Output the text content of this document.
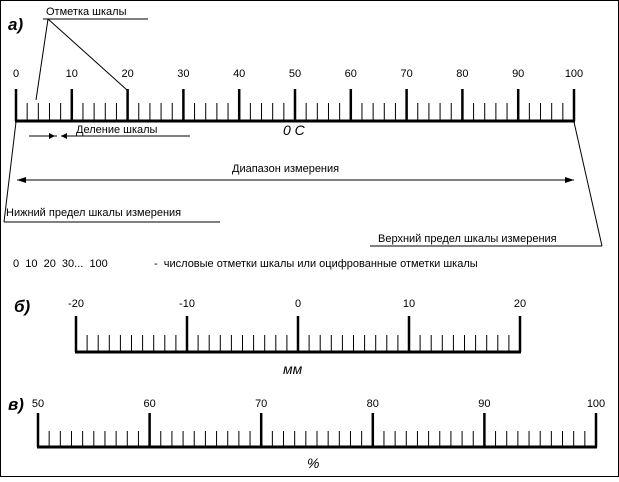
а)
Отметка шкалы
0	10	20	30	40	50	60	70	80	90	100
0 С
Деление шкалы
Диапазон измерения
Нижний предел шкалы измерения
Верхний предел шкалы измерения
0  10  20  30...  100	-  числовые отметки шкалы или оцифрованные отметки шкалы
б)	-20	-10	0	10	20
мм
в) 50	60	70	80	90	100
%
